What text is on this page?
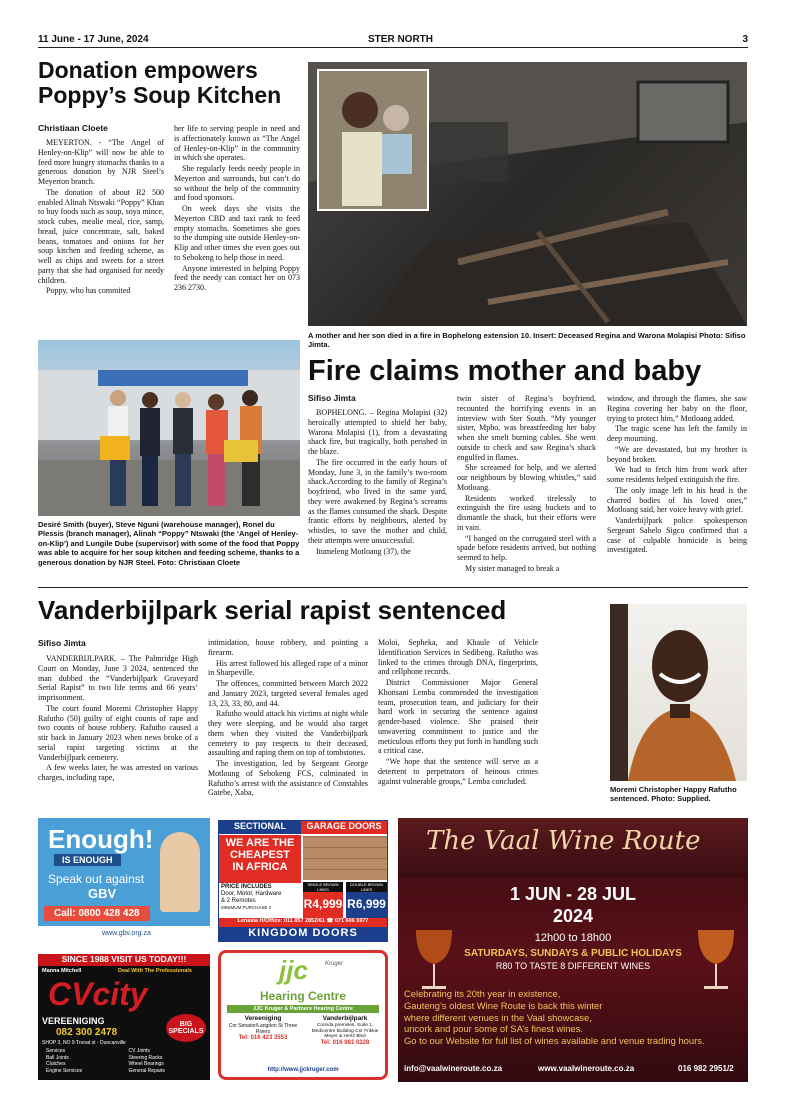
11 June - 17 June, 2024	STER NORTH	3
Donation empowers
Poppy’s Soup Kitchen
Christiaan Cloete

MEYERTON. - “The Angel of Henley-on-Klip” will now be able to feed more hungry stomachs thanks to a generous donation by NJR Steel’s Meyerton branch.

The donation of about R2 500 enabled Alinah Ntswaki “Poppy” Khan to buy foods such as soup, soya mince, stock cubes, mealie meal, rice, samp, bread, juice concentrate, salt, baked beans, tomatoes and onions for her soup kitchen and feeding scheme, as well as chips and sweets for a street party that she had organised for needy children.

Poppy, who has commited

her life to serving people in need and is affectionately known as “The Angel of Henley-on-Klip” in the community in which she operates.

She regularly feeds needy people in Meyerton and surrounds, but can’t do so without the help of the community and food sponsors.

On week days she visits the Meyerton CBD and taxi rank to feed empty stomachs. Sometimes she goes to the dumping site outside Henley-on-Klip and other times she even goes out to Sebokeng to help those in need.

Anyone interested in helping Poppy feed the needy can contact her on 073 236 2730.

Desiré Smith (buyer), Steve Nguni (warehouse manager), Ronel du Plessis (branch manager), Alinah “Poppy” Ntswaki (the ‘Angel of Henley-on-Klip’) and Lungile Dube (supervisor) with some of the food that Poppy was able to acquire for her soup kitchen and feeding scheme, thanks to a generous donation by NJR Steel. Foto: Christiaan Cloete
A mother and her son died in a fire in Bophelong extension 10. Insert: Deceased Regina and Warona Molapisi Photo: Sifiso Jimta.
Fire claims mother and baby
Sifiso Jimta

BOPHELONG. – Regina Molapisi (32) heroically attempted to shield her baby, Warona Molapisi (1), from a devastating shack fire, but tragically, both perished in the blaze.

The fire occurred in the early hours of Monday, June 3, in the family’s two-room shack.According to the family of Regina’s boyfriend, who lived in the same yard, they were awakened by Regina’s screams as the flames consumed the shack. Despite frantic efforts by neighbours, alerted by whistles, to save the mother and child, their attempts were unsuccessful.

Itumeleng Motloang (37), the

twin sister of Regina’s boyfriend, recounted the horrifying events in an interview with Ster South. “My younger sister, Mpho, was breastfeeding her baby when she smelt burning cables. She went outside to check and saw Regina’s shack engulfed in flames.

She screamed for help, and we alerted our neighbours by blowing whistles,” said Motloang.

Residents worked tirelessly to extinguish the fire using buckets and to dismantle the shack, but their efforts were in vain.

“I banged on the corrugated steel with a spade before residents arrived, but nothing seemed to help.

My sister managed to break a

window, and through the flames, she saw Regina covering her baby on the floor, trying to protect him,” Motloang added.

The tragic scene has left the family in deep mourning.

“We are devastated, but my brother is beyond broken.

We had to fetch him from work after some residents helped extinguish the fire.

The only image left in his head is the charred bodies of his loved ones,” Motloang said, her voice heavy with grief.

Vanderbijlpark police spokesperson Sergeant Sabelo Sigcu confirmed that a case of culpable homicide is being investigated.

Vanderbijlpark serial rapist sentenced
Sifiso Jimta

VANDERBIJLPARK. – The Palmridge High Court on Monday, June 3 2024, sentenced the man dubbed the “Vanderbijlpark Graveyard Serial Rapist” to two life terms and 66 years’ imprisonment.

The court found Moremi Christopher Happy Rafutho (50) guilty of eight counts of rape and two counts of house robbery. Rafutho caused a stir back in January 2023 when news broke of a serial rapist targeting victims at the Vanderbijlpark cemetery.

A few weeks later, he was arrested on various charges, including rape,

intimidation, house robbery, and pointing a firearm.

His arrest followed his alleged rape of a minor in Sharpeville.

The offences, committed between March 2022 and January 2023, targeted several females aged 13, 23, 33, 80, and 44.

Rafutho would attack his victims at night while they were sleeping, and he would also target them when they visited the Vanderbijlpark cemetery to pay respects to their deceased, assaulting and raping them on top of tombstones.

The investigation, led by Sergeant George Motloung of Sebokeng FCS, culminated in Rafutho’s arrest with the assistance of Constables Gatebe, Xaba,

Moloi, Sepheka, and Khaule of Vehicle Identification Services in Sedibeng. Rafutho was linked to the crimes through DNA, fingerprints, and cellphone records.

District Commissioner Major General Khonsani Lemba commended the investigation team, prosecution team, and judiciary for their hard work in securing the sentence against gender-based violence. She praised their unwavering commitment to justice and the meticulous efforts they put forth in handling such a critical case.

“We hope that the sentence will serve as a deterrent to perpetrators of heinous crimes against vulnerable groups,” Lemba concluded.

Moremi Christopher Happy Rafutho sentenced. Photo: Supplied.
Enough!
IS ENOUGH
Speak out against
GBV
Call: 0800 428 428
www.gbv.org.za
SECTIONAL	GARAGE DOORS
WE ARE THE
CHEAPEST
IN AFRICA
PRICE INCLUDES
Door, Motor, Hardware
& 2 Remotes
MINIMUM PURCHASE 2
SINGLE BROWN LINES
R4,999
DOUBLE BROWN LINES
R6,999
Lenasia H/Office: 011 857 2852/61 ☎ 071 606 5977
KINGDOM DOORS
The Vaal Wine Route
1 JUN - 28 JUL
2024
12h00 to 18h00
SATURDAYS, SUNDAYS & PUBLIC HOLIDAYS
R80 TO TASTE 8 DIFFERENT WINES
Celebrating its 20th year in existence,
Gauteng’s oldest Wine Route is back this winter
where different venues in the Vaal showcase,
uncork and pour some of SA’s finest wines.
Go to our Website for full list of wines available and venue trading hours.
info@vaalwineroute.co.za	www.vaalwineroute.co.za	016 982 2951/2
SINCE 1988 VISIT US TODAY!!!
Manna Mitchell	Deal With The Professionals
CVcity
VEREENIGING
082 300 2478
SHOP 3, NO 9 Trooat st - Duncanville
BIG SPECIALS
Services
Ball Joints
Clutches
Engine Services
CV Joints
Steering Racks
Wheel Bearings
General Repairs
jjc	Kruger
Hearing Centre
JJC Kruger & Partners Hearing Centre
Vereeniging
Cnr Senator/Langdon St Three Rivers
Tel: 016 423 3553
Vanderbijlpark
Corinda premises, Suite 1, Medicentre Building Cnr Frikkie Meyer & Hertz Blvd
Tel: 016 981 0328
http://www.jjckruger.com
